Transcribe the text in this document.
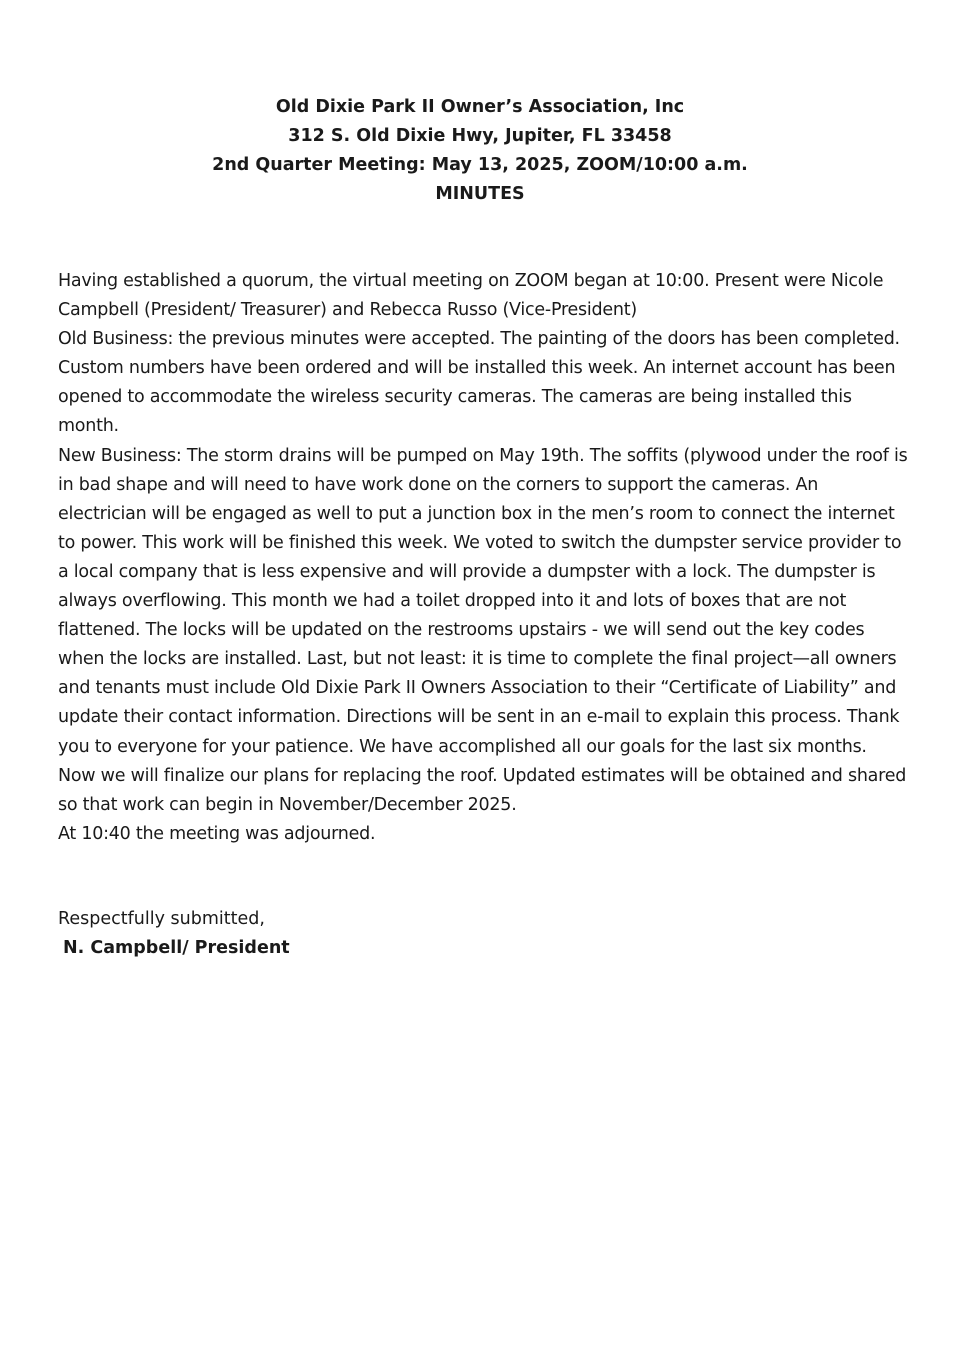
Old Dixie Park II Owner’s Association, Inc
312 S. Old Dixie Hwy, Jupiter, FL 33458
2nd Quarter Meeting: May 13, 2025, ZOOM/10:00 a.m.
MINUTES

Having established a quorum, the virtual meeting on ZOOM began at 10:00. Present were Nicole Campbell (President/ Treasurer) and Rebecca Russo (Vice-President)

Old Business: the previous minutes were accepted. The painting of the doors has been completed. Custom numbers have been ordered and will be installed this week. An internet account has been opened to accommodate the wireless security cameras. The cameras are being installed this month.

New Business: The storm drains will be pumped on May 19th. The soffits (plywood under the roof is in bad shape and will need to have work done on the corners to support the cameras. An electrician will be engaged as well to put a junction box in the men’s room to connect the internet to power. This work will be finished this week. We voted to switch the dumpster service provider to a local company that is less expensive and will provide a dumpster with a lock. The dumpster is always overflowing. This month we had a toilet dropped into it and lots of boxes that are not flattened. The locks will be updated on the restrooms upstairs - we will send out the key codes when the locks are installed. Last, but not least: it is time to complete the final project—all owners and tenants must include Old Dixie Park II Owners Association to their “Certificate of Liability” and update their contact information. Directions will be sent in an e-mail to explain this process. Thank you to everyone for your patience. We have accomplished all our goals for the last six months. Now we will finalize our plans for replacing the roof. Updated estimates will be obtained and shared so that work can begin in November/December 2025.

At 10:40 the meeting was adjourned.

Respectfully submitted,
N. Campbell/ President
